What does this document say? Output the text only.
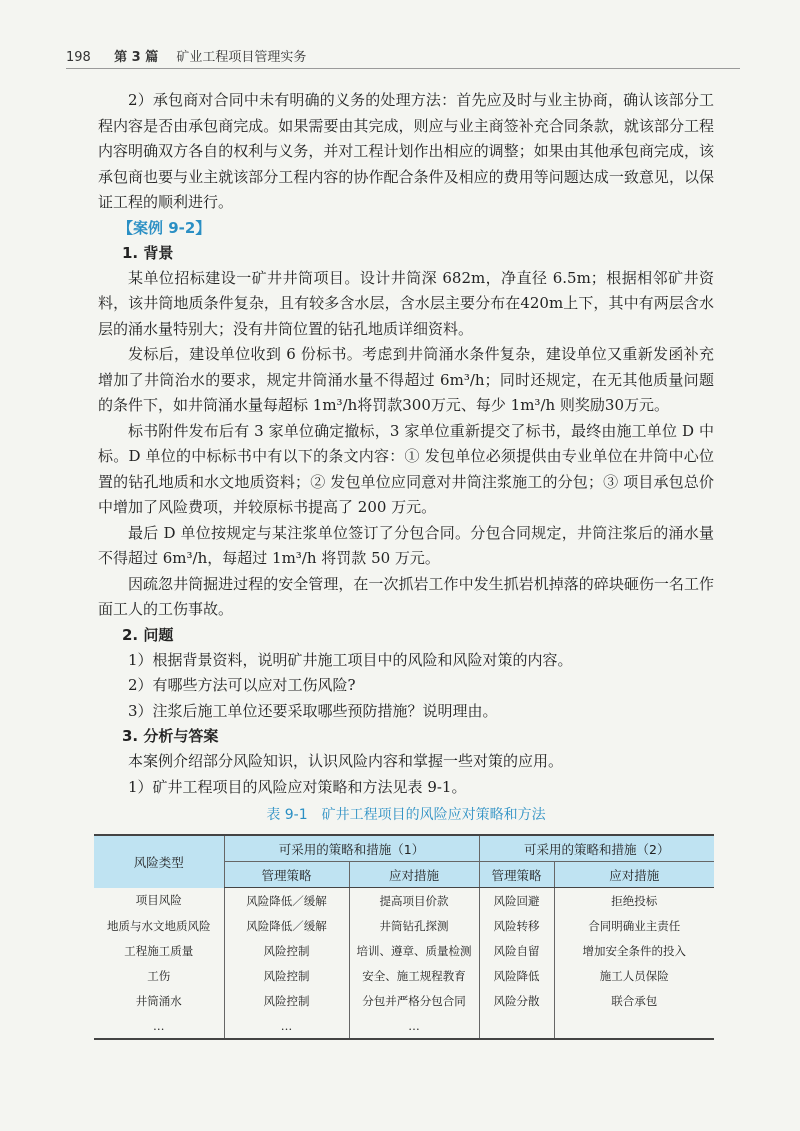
198 第 3 篇 矿业工程项目管理实务

2）承包商对合同中未有明确的义务的处理方法：首先应及时与业主协商，确认该部分工程内容是否由承包商完成。如果需要由其完成，则应与业主商签补充合同条款，就该部分工程内容明确双方各自的权利与义务，并对工程计划作出相应的调整；如果由其他承包商完成，该承包商也要与业主就该部分工程内容的协作配合条件及相应的费用等问题达成一致意见，以保证工程的顺利进行。

【案例 9-2】
1. 背景

某单位招标建设一矿井井筒项目。设计井筒深 682m，净直径 6.5m；根据相邻矿井资料，该井筒地质条件复杂，且有较多含水层，含水层主要分布在420m上下，其中有两层含水层的涌水量特别大；没有井筒位置的钻孔地质详细资料。

发标后，建设单位收到 6 份标书。考虑到井筒涌水条件复杂，建设单位又重新发函补充增加了井筒治水的要求，规定井筒涌水量不得超过 6m³/h；同时还规定，在无其他质量问题的条件下，如井筒涌水量每超标 1m³/h将罚款300万元、每少 1m³/h 则奖励30万元。

标书附件发布后有 3 家单位确定撤标，3 家单位重新提交了标书，最终由施工单位 D 中标。D 单位的中标标书中有以下的条文内容：① 发包单位必须提供由专业单位在井筒中心位置的钻孔地质和水文地质资料；② 发包单位应同意对井筒注浆施工的分包；③ 项目承包总价中增加了风险费项，并较原标书提高了 200 万元。

最后 D 单位按规定与某注浆单位签订了分包合同。分包合同规定，井筒注浆后的涌水量不得超过 6m³/h，每超过 1m³/h 将罚款 50 万元。

因疏忽井筒掘进过程的安全管理，在一次抓岩工作中发生抓岩机掉落的碎块砸伤一名工作面工人的工伤事故。

2. 问题

1）根据背景资料，说明矿井施工项目中的风险和风险对策的内容。

2）有哪些方法可以应对工伤风险?

3）注浆后施工单位还要采取哪些预防措施？说明理由。

3. 分析与答案

本案例介绍部分风险知识，认识风险内容和掌握一些对策的应用。

1）矿井工程项目的风险应对策略和方法见表 9-1。

表 9-1　矿井工程项目的风险应对策略和方法
风险类型	可采用的策略和措施（1）		可采用的策略和措施（2）	
	管理策略	应对措施	管理策略	应对措施
项目风险	风险降低／缓解	提高项目价款	风险回避	拒绝投标
地质与水文地质风险	风险降低／缓解	井筒钻孔探测	风险转移	合同明确业主责任
工程施工质量	风险控制	培训、遵章、质量检测	风险自留	增加安全条件的投入
工伤	风险控制	安全、施工规程教育	风险降低	施工人员保险
井筒涌水	风险控制	分包并严格分包合同	风险分散	联合承包
…	…	…		
